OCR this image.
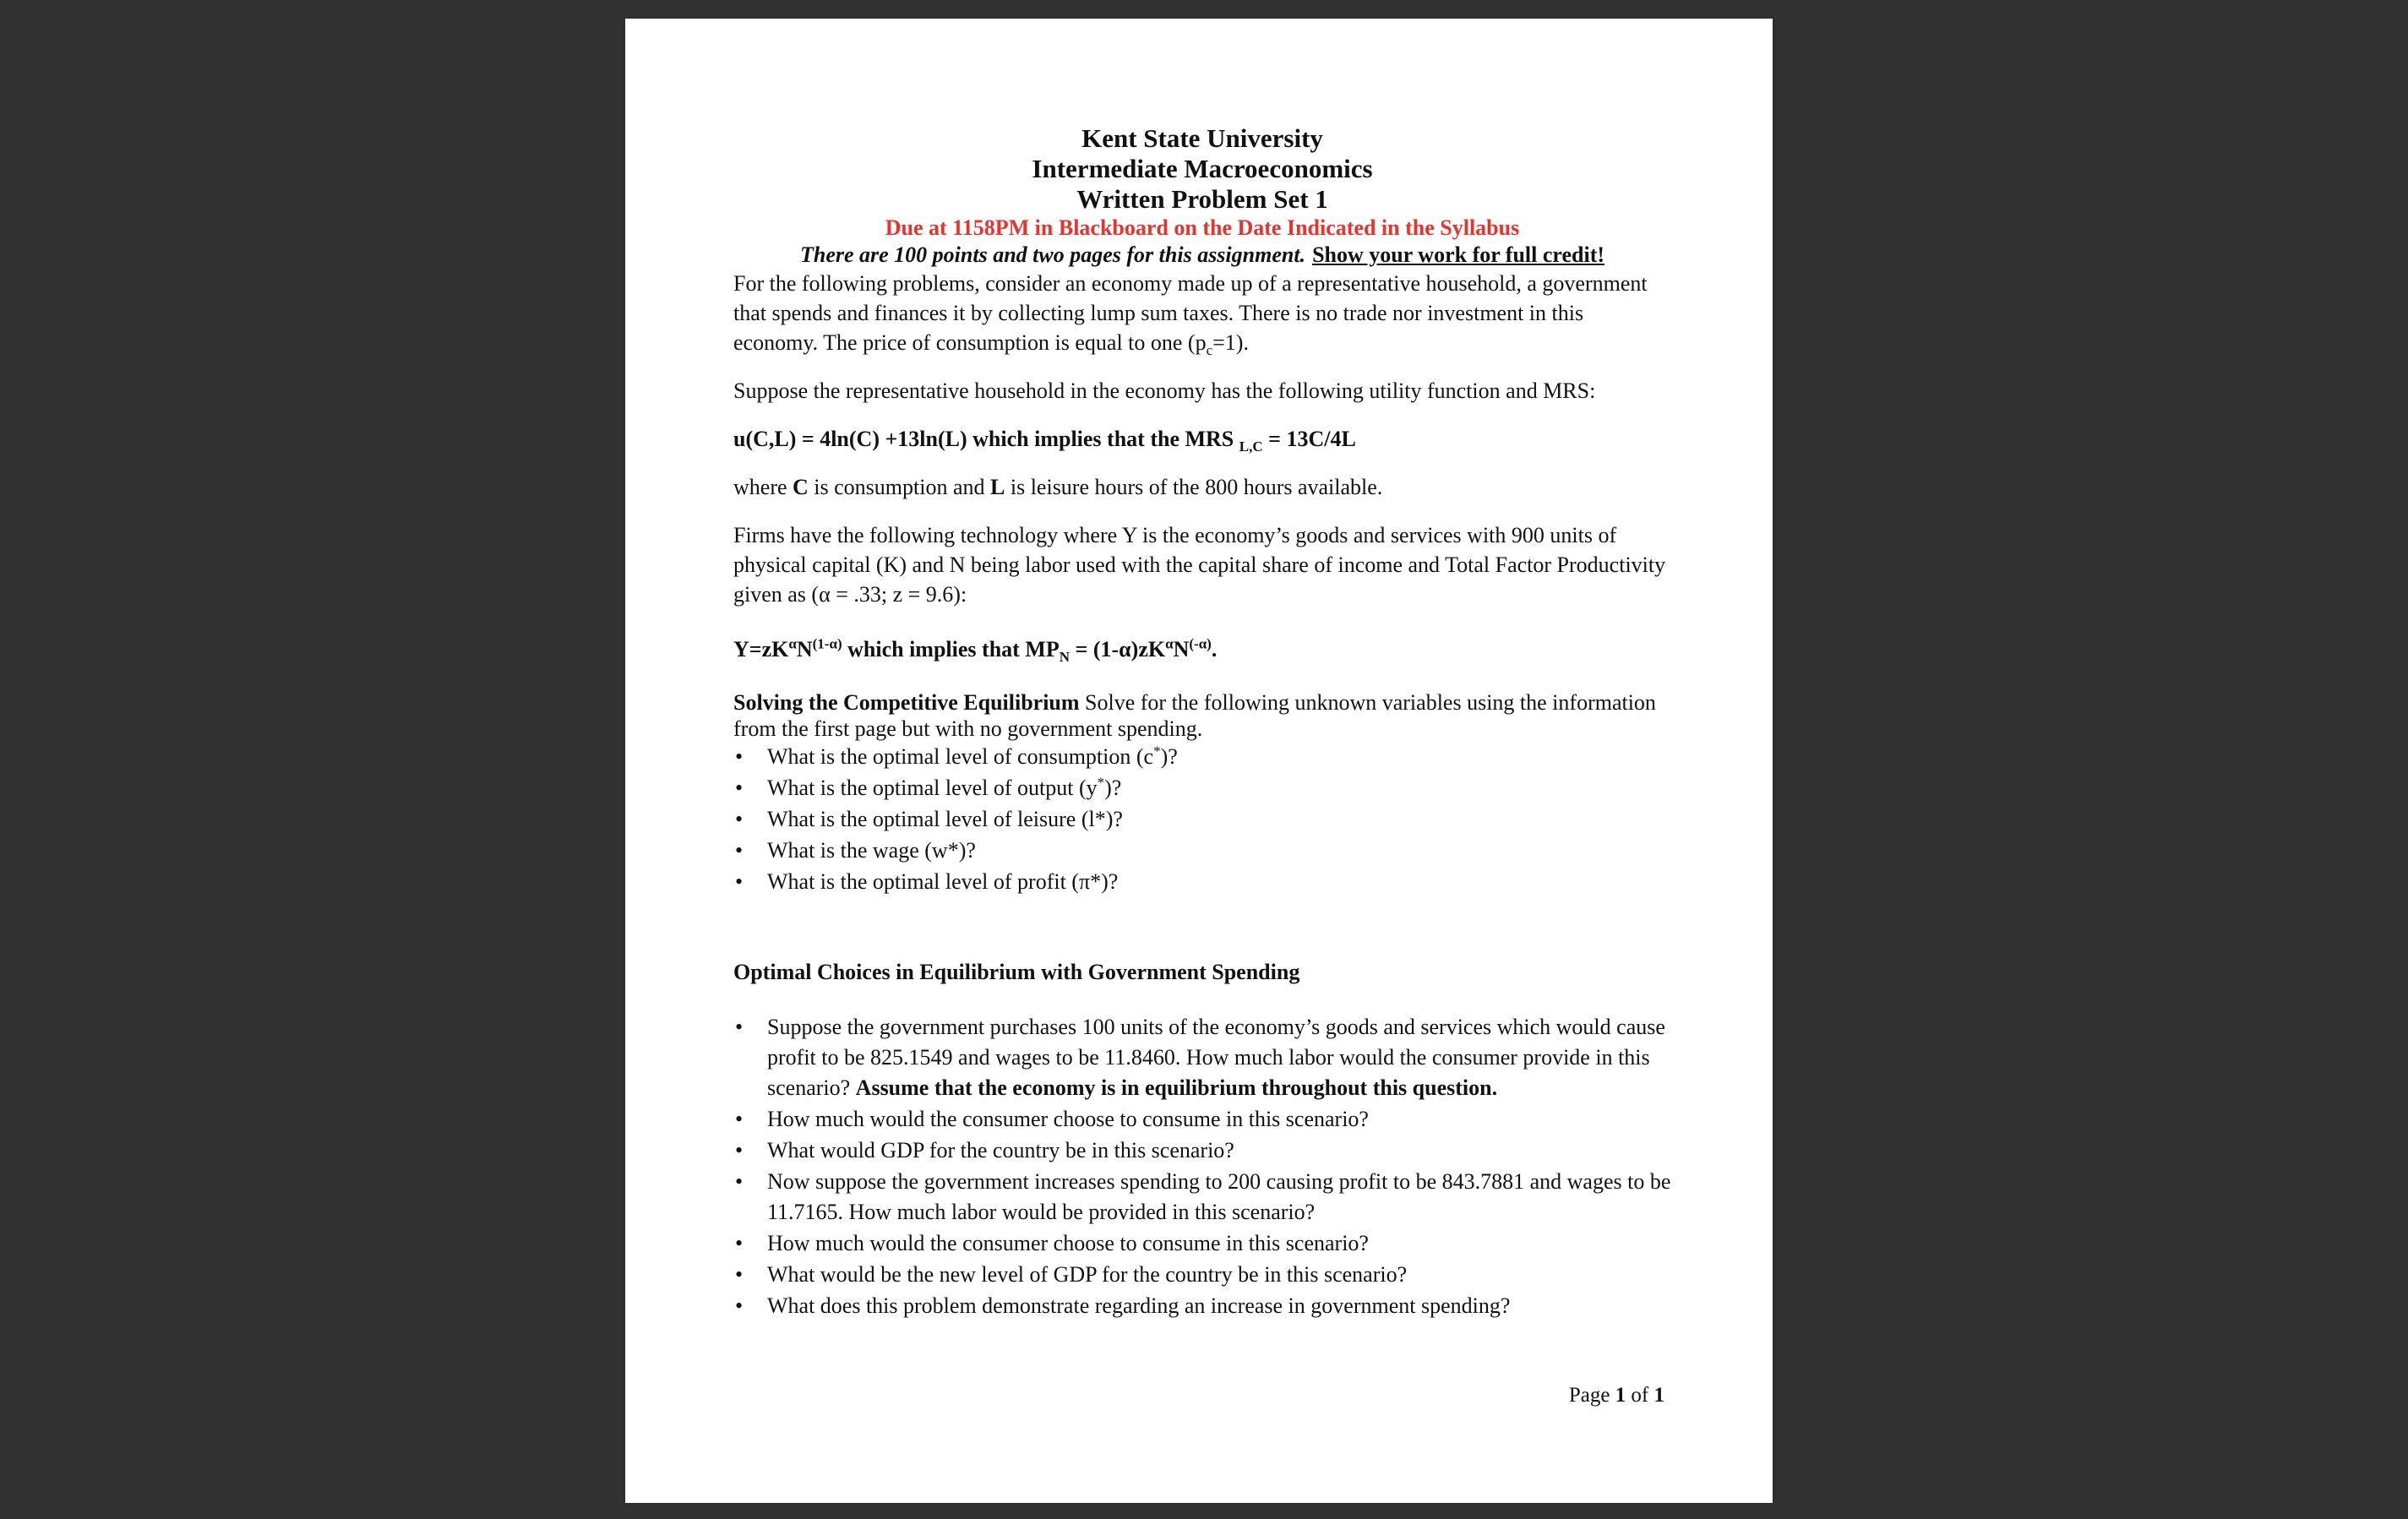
Kent State University
Intermediate Macroeconomics
Written Problem Set 1
Due at 1158PM in Blackboard on the Date Indicated in the Syllabus
There are 100 points and two pages for this assignment. Show your work for full credit!

For the following problems, consider an economy made up of a representative household, a government that spends and finances it by collecting lump sum taxes. There is no trade nor investment in this economy. The price of consumption is equal to one $(p_c=1)$.

Suppose the representative household in the economy has the following utility function and MRS:

u(C,L) = 4ln(C) +13ln(L) which implies that the MRS $_{L,C}$ = 13C/4L

where C is consumption and L is leisure hours of the 800 hours available.

Firms have the following technology where Y is the economy’s goods and services with 900 units of physical capital (K) and N being labor used with the capital share of income and Total Factor Productivity given as (α = .33; z = 9.6):

$Y=zK^\alpha N^{(1-\alpha)}$ which implies that $MP_N = (1-\alpha)zK^\alpha N^{(-\alpha)}$.

Solving the Competitive Equilibrium Solve for the following unknown variables using the information from the first page but with no government spending.

• What is the optimal level of consumption (c*)?
• What is the optimal level of output (y*)?
• What is the optimal level of leisure (l*)?
• What is the wage (w*)?
• What is the optimal level of profit (π*)?

Optimal Choices in Equilibrium with Government Spending

• Suppose the government purchases 100 units of the economy’s goods and services which would cause profit to be 825.1549 and wages to be 11.8460. How much labor would the consumer provide in this scenario? Assume that the economy is in equilibrium throughout this question.
• How much would the consumer choose to consume in this scenario?
• What would GDP for the country be in this scenario?
• Now suppose the government increases spending to 200 causing profit to be 843.7881 and wages to be 11.7165. How much labor would be provided in this scenario?
• How much would the consumer choose to consume in this scenario?
• What would be the new level of GDP for the country be in this scenario?
• What does this problem demonstrate regarding an increase in government spending?
Page 1 of 1
